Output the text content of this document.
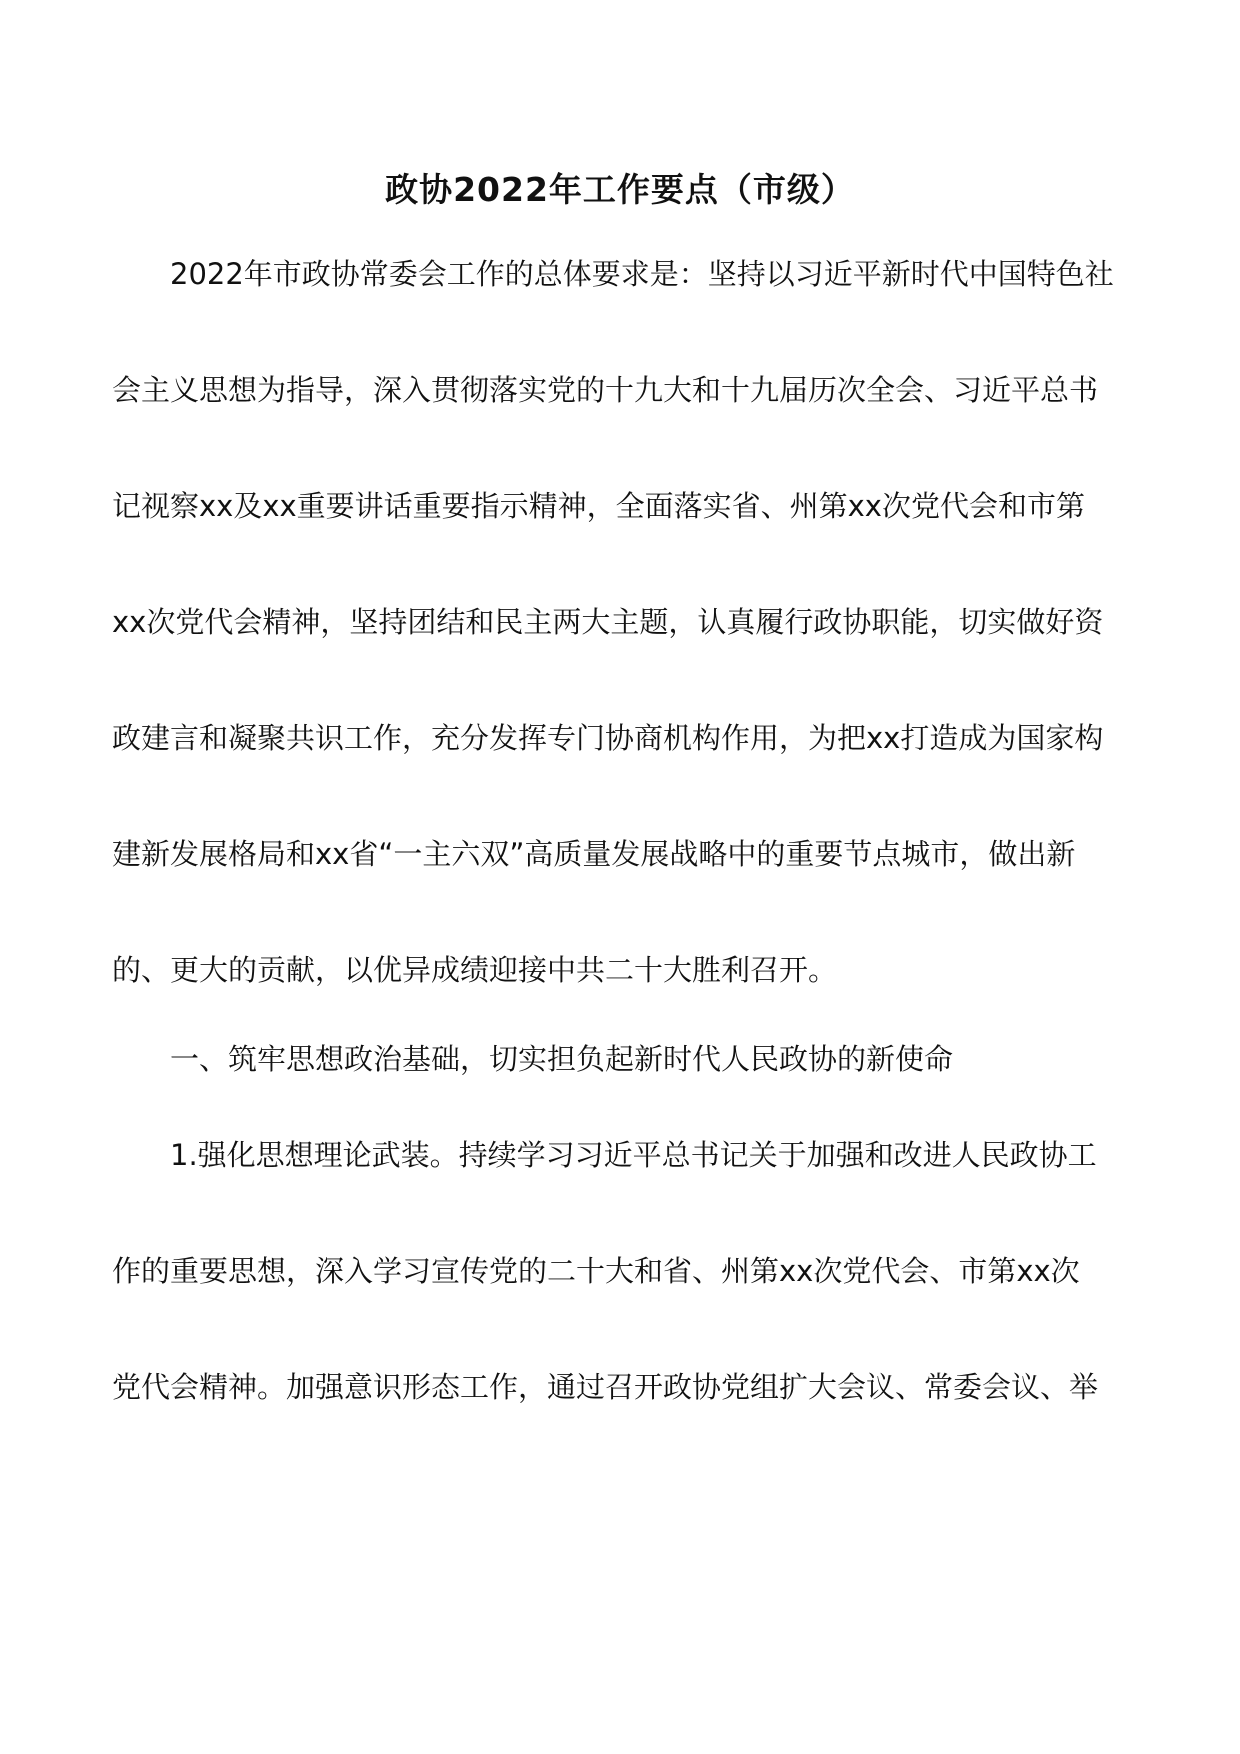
政协2022年工作要点（市级）

2022年市政协常委会工作的总体要求是：坚持以习近平新时代中国特色社

会主义思想为指导，深入贯彻落实党的十九大和十九届历次全会、习近平总书

记视察xx及xx重要讲话重要指示精神，全面落实省、州第xx次党代会和市第

xx次党代会精神，坚持团结和民主两大主题，认真履行政协职能，切实做好资

政建言和凝聚共识工作，充分发挥专门协商机构作用，为把xx打造成为国家构

建新发展格局和xx省“一主六双”高质量发展战略中的重要节点城市，做出新

的、更大的贡献，以优异成绩迎接中共二十大胜利召开。

一、筑牢思想政治基础，切实担负起新时代人民政协的新使命

1.强化思想理论武装。持续学习习近平总书记关于加强和改进人民政协工

作的重要思想，深入学习宣传党的二十大和省、州第xx次党代会、市第xx次

党代会精神。加强意识形态工作，通过召开政协党组扩大会议、常委会议、举
